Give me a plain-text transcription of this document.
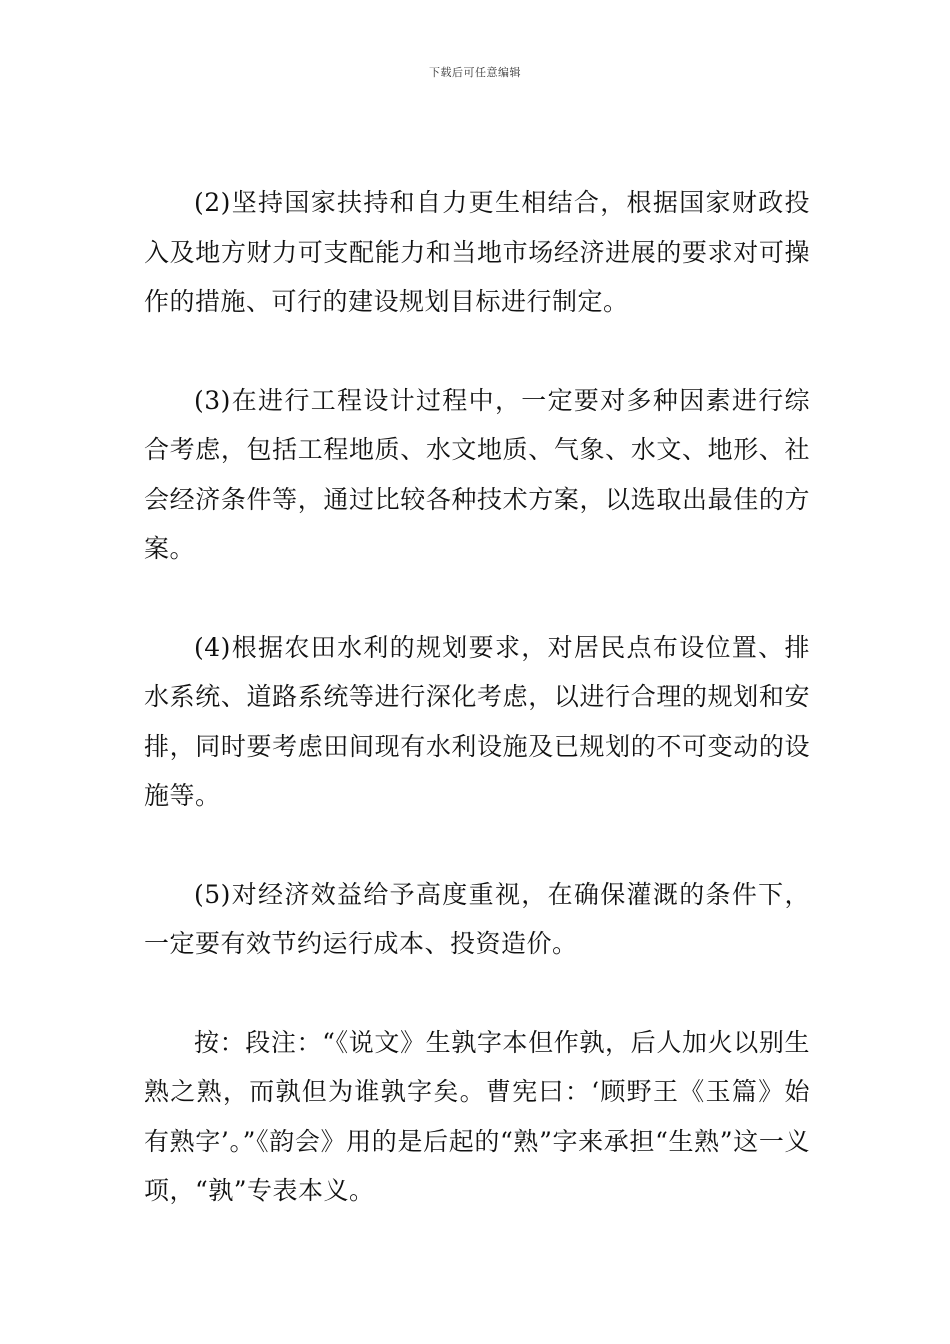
下载后可任意编辑

(2)坚持国家扶持和自力更生相结合，根据国家财政投入及地方财力可支配能力和当地市场经济进展的要求对可操作的措施、可行的建设规划目标进行制定。

(3)在进行工程设计过程中，一定要对多种因素进行综合考虑，包括工程地质、水文地质、气象、水文、地形、社会经济条件等，通过比较各种技术方案，以选取出最佳的方案。

(4)根据农田水利的规划要求，对居民点布设位置、排水系统、道路系统等进行深化考虑，以进行合理的规划和安排，同时要考虑田间现有水利设施及已规划的不可变动的设施等。

(5)对经济效益给予高度重视，在确保灌溉的条件下，一定要有效节约运行成本、投资造价。

按：段注：“《说文》生孰字本但作孰，后人加火以别生熟之熟，而孰但为谁孰字矣。曹宪曰：‘顾野王《玉篇》始有熟字’。”《韵会》用的是后起的“熟”字来承担“生熟”这一义项，“孰”专表本义。
